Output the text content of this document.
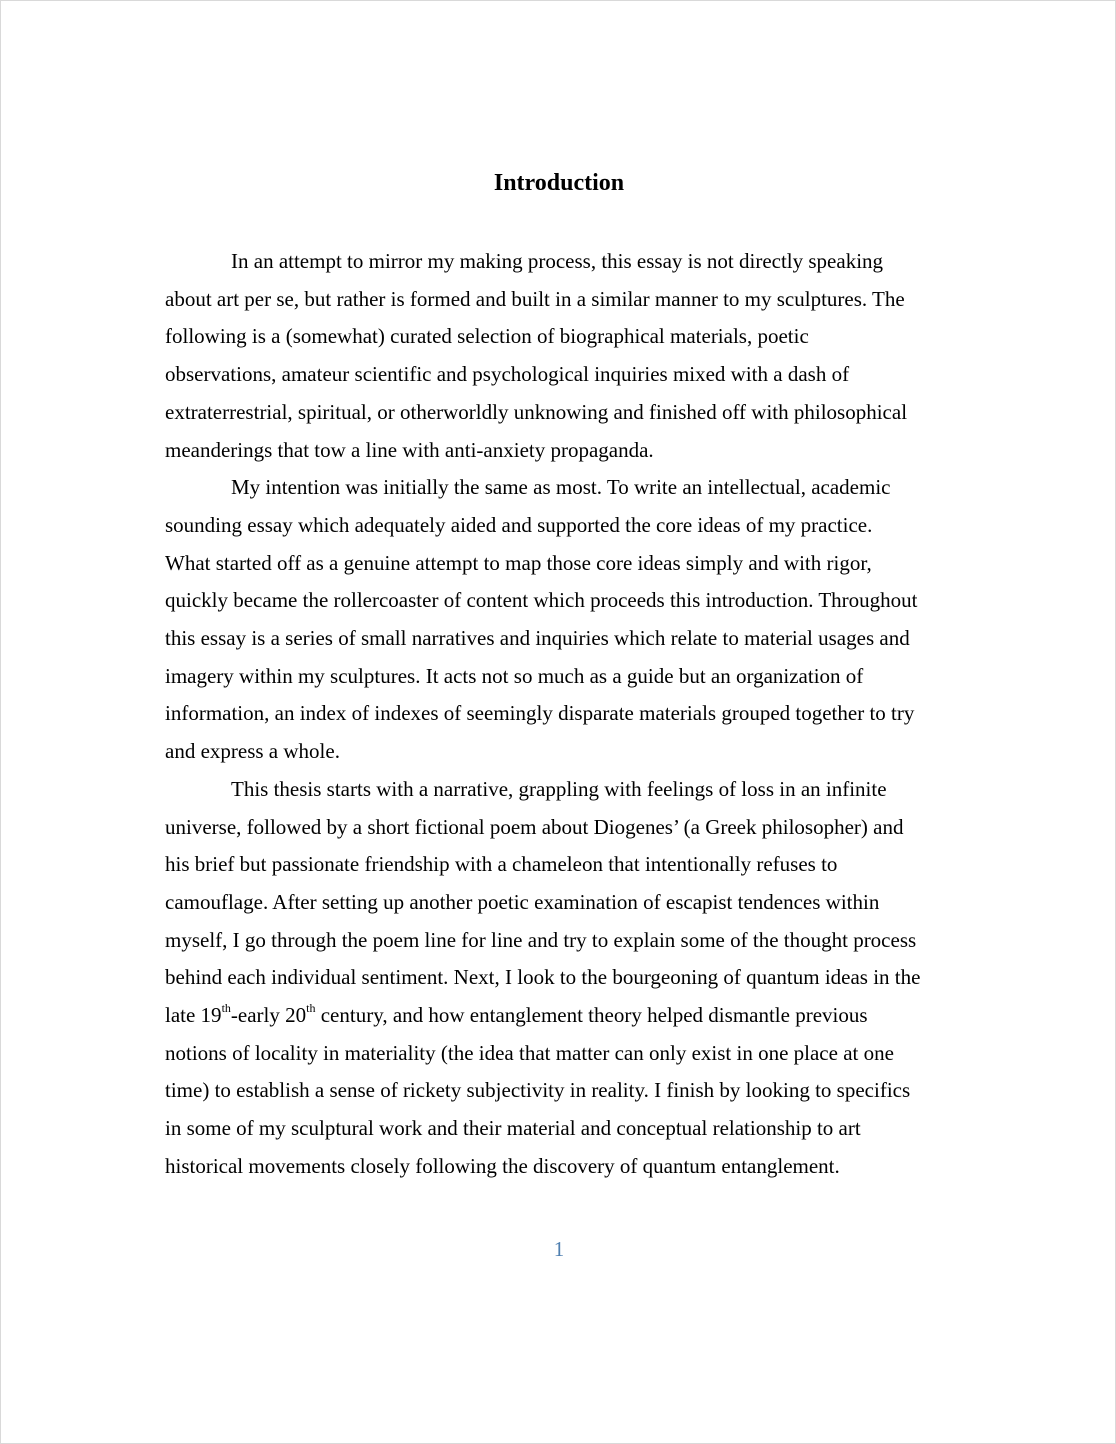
Introduction

In an attempt to mirror my making process, this essay is not directly speaking
about art per se, but rather is formed and built in a similar manner to my sculptures. The
following is a (somewhat) curated selection of biographical materials, poetic
observations, amateur scientific and psychological inquiries mixed with a dash of
extraterrestrial, spiritual, or otherworldly unknowing and finished off with philosophical
meanderings that tow a line with anti-anxiety propaganda.

My intention was initially the same as most. To write an intellectual, academic
sounding essay which adequately aided and supported the core ideas of my practice.
What started off as a genuine attempt to map those core ideas simply and with rigor,
quickly became the rollercoaster of content which proceeds this introduction. Throughout
this essay is a series of small narratives and inquiries which relate to material usages and
imagery within my sculptures. It acts not so much as a guide but an organization of
information, an index of indexes of seemingly disparate materials grouped together to try
and express a whole.

This thesis starts with a narrative, grappling with feelings of loss in an infinite
universe, followed by a short fictional poem about Diogenes’ (a Greek philosopher) and
his brief but passionate friendship with a chameleon that intentionally refuses to
camouflage. After setting up another poetic examination of escapist tendences within
myself, I go through the poem line for line and try to explain some of the thought process
behind each individual sentiment. Next, I look to the bourgeoning of quantum ideas in the
late 19th-early 20th century, and how entanglement theory helped dismantle previous
notions of locality in materiality (the idea that matter can only exist in one place at one
time) to establish a sense of rickety subjectivity in reality. I finish by looking to specifics
in some of my sculptural work and their material and conceptual relationship to art
historical movements closely following the discovery of quantum entanglement.

1
